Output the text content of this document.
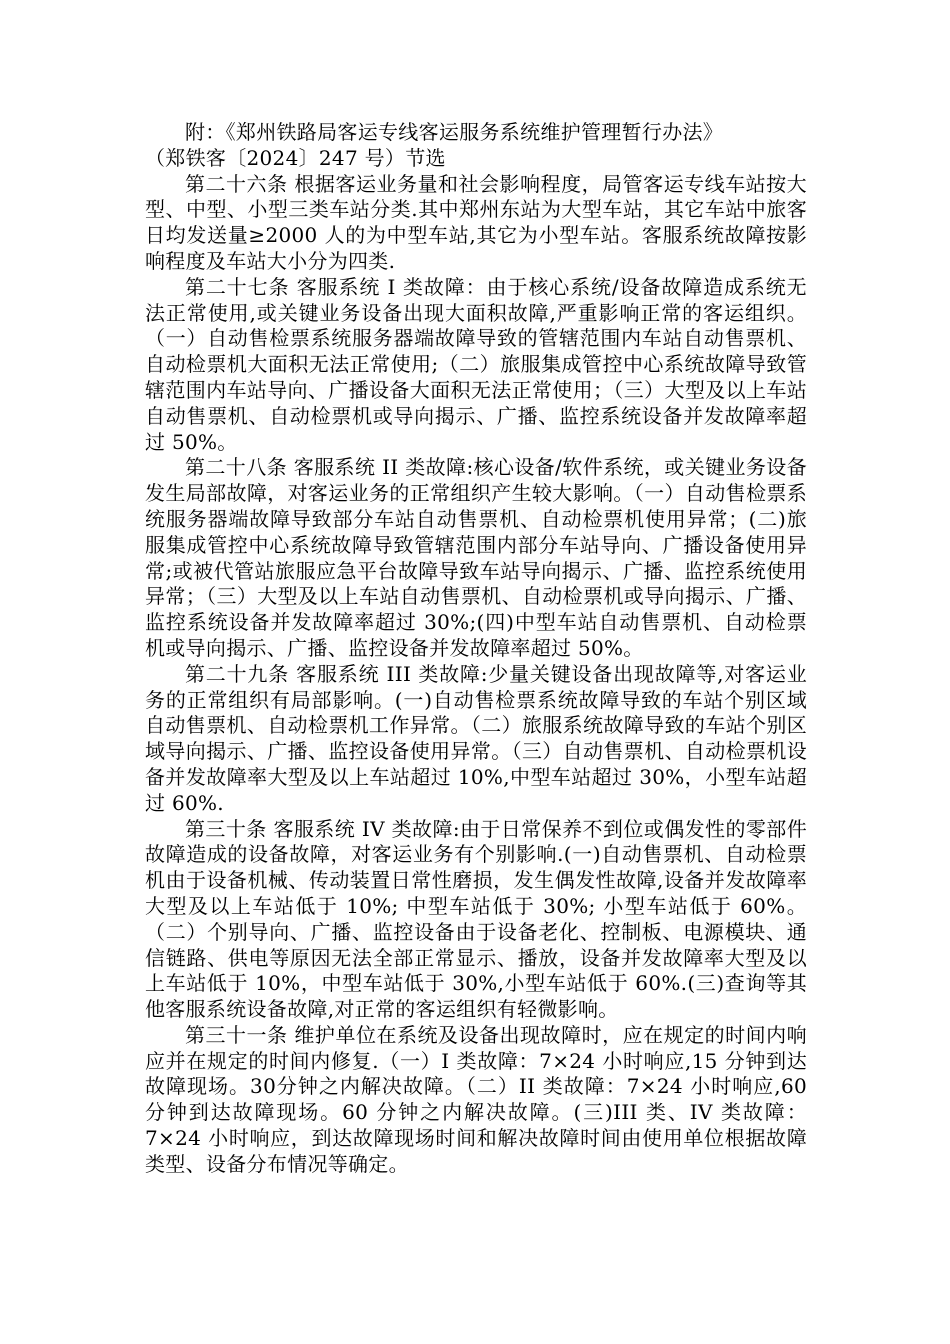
附：《郑州铁路局客运专线客运服务系统维护管理暂行办法》

（郑铁客〔2024〕247 号）节选

第二十六条 根据客运业务量和社会影响程度，局管客运专线车站按大型、中型、小型三类车站分类.其中郑州东站为大型车站，其它车站中旅客日均发送量≥2000 人的为中型车站,其它为小型车站。客服系统故障按影响程度及车站大小分为四类.

第二十七条 客服系统 I 类故障：由于核心系统/设备故障造成系统无法正常使用,或关键业务设备出现大面积故障,严重影响正常的客运组织。（一）自动售检票系统服务器端故障导致的管辖范围内车站自动售票机、自动检票机大面积无法正常使用;（二）旅服集成管控中心系统故障导致管辖范围内车站导向、广播设备大面积无法正常使用；（三）大型及以上车站自动售票机、自动检票机或导向揭示、广播、监控系统设备并发故障率超过 50%。

第二十八条 客服系统 II 类故障:核心设备/软件系统，或关键业务设备发生局部故障，对客运业务的正常组织产生较大影响。（一）自动售检票系统服务器端故障导致部分车站自动售票机、自动检票机使用异常；(二)旅服集成管控中心系统故障导致管辖范围内部分车站导向、广播设备使用异常;或被代管站旅服应急平台故障导致车站导向揭示、广播、监控系统使用异常；（三）大型及以上车站自动售票机、自动检票机或导向揭示、广播、监控系统设备并发故障率超过 30%;(四)中型车站自动售票机、自动检票机或导向揭示、广播、监控设备并发故障率超过 50%。

第二十九条 客服系统 III 类故障:少量关键设备出现故障等,对客运业务的正常组织有局部影响。(一)自动售检票系统故障导致的车站个别区域自动售票机、自动检票机工作异常。（二）旅服系统故障导致的车站个别区域导向揭示、广播、监控设备使用异常。（三）自动售票机、自动检票机设备并发故障率大型及以上车站超过 10%,中型车站超过 30%，小型车站超过 60%.

第三十条 客服系统 IV 类故障:由于日常保养不到位或偶发性的零部件故障造成的设备故障，对客运业务有个别影响.(一)自动售票机、自动检票机由于设备机械、传动装置日常性磨损，发生偶发性故障,设备并发故障率大型及以上车站低于 10%; 中型车站低于 30%; 小型车站低于 60%。（二）个别导向、广播、监控设备由于设备老化、控制板、电源模块、通信链路、供电等原因无法全部正常显示、播放，设备并发故障率大型及以上车站低于 10%，中型车站低于 30%,小型车站低于 60%.(三)查询等其他客服系统设备故障,对正常的客运组织有轻微影响。

第三十一条 维护单位在系统及设备出现故障时，应在规定的时间内响应并在规定的时间内修复.（一）I 类故障：7×24 小时响应,15 分钟到达故障现场。30分钟之内解决故障。（二）II 类故障：7×24 小时响应,60 分钟到达故障现场。60 分钟之内解决故障。(三)III 类、IV 类故障：7×24 小时响应，到达故障现场时间和解决故障时间由使用单位根据故障类型、设备分布情况等确定。
